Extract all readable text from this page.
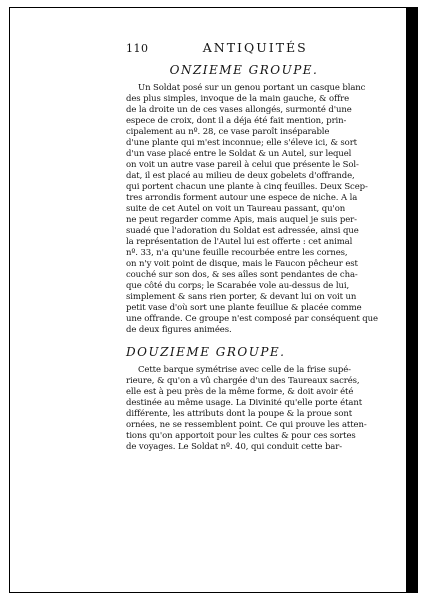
110	ANTIQUITÉS
ONZIEME GROUPE.
Un Soldat posé sur un genou portant un casque blanc
des plus simples, invoque de la main gauche, & offre
de la droite un de ces vases allongés, surmonté d'une
espece de croix, dont il a déja été fait mention, prin-
cipalement au nº. 28, ce vase paroît inséparable
d'une plante qui m'est inconnue; elle s'éleve ici, & sort
d'un vase placé entre le Soldat & un Autel, sur lequel
on voit un autre vase pareil à celui que présente le Sol-
dat, il est placé au milieu de deux gobelets d'offrande,
qui portent chacun une plante à cinq feuilles. Deux Scep-
tres arrondis forment autour une espece de niche. A la
suite de cet Autel on voit un Taureau passant, qu'on
ne peut regarder comme Apis, mais auquel je suis per-
suadé que l'adoration du Soldat est adressée, ainsi que
la représentation de l'Autel lui est offerte : cet animal
nº. 33, n'a qu'une feuille recourbée entre les cornes,
on n'y voit point de disque, mais le Faucon pêcheur est
couché sur son dos, & ses aîles sont pendantes de cha-
que côté du corps; le Scarabée vole au-dessus de lui,
simplement & sans rien porter, & devant lui on voit un
petit vase d'où sort une plante feuillue & placée comme
une offrande. Ce groupe n'est composé par conséquent que
de deux figures animées.
DOUZIEME GROUPE.
Cette barque symétrise avec celle de la frise supé-
rieure, & qu'on a vû chargée d'un des Taureaux sacrés,
elle est à peu près de la même forme, & doit avoir été
destinée au même usage. La Divinité qu'elle porte étant
différente, les attributs dont la poupe & la proue sont
ornées, ne se ressemblent point. Ce qui prouve les atten-
tions qu'on apportoit pour les cultes & pour ces sortes
de voyages. Le Soldat nº. 40, qui conduit cette bar-
